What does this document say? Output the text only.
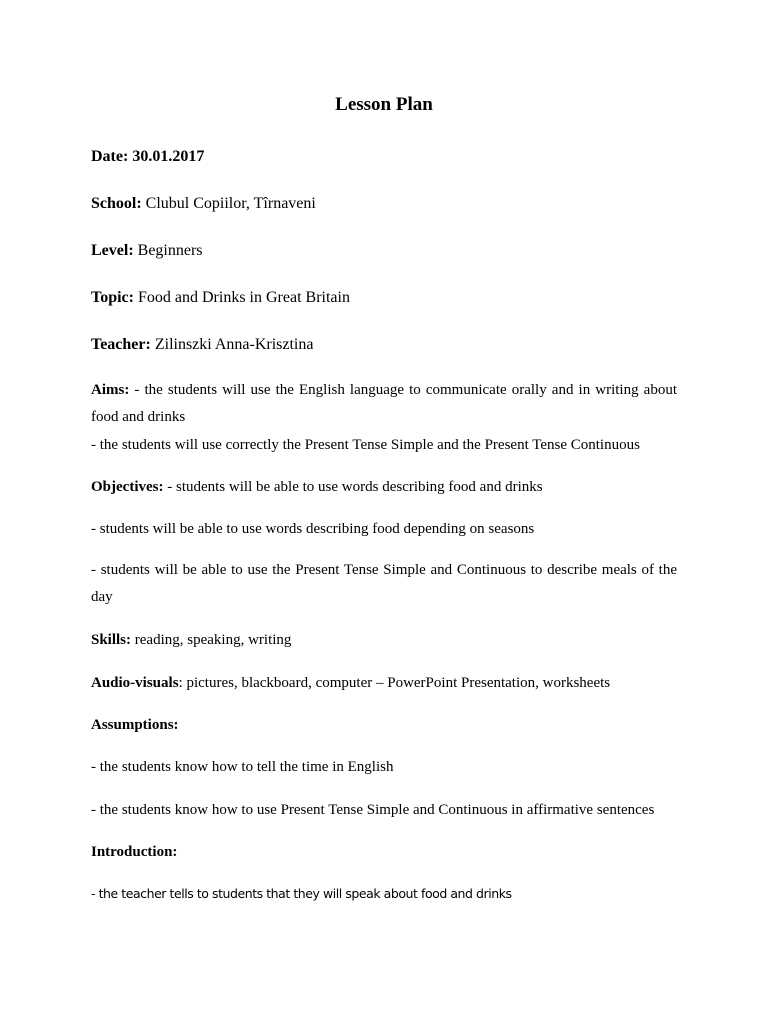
Lesson Plan
Date: 30.01.2017
School: Clubul Copiilor, Tîrnaveni
Level: Beginners
Topic: Food and Drinks in Great Britain
Teacher: Zilinszki Anna-Krisztina
Aims: - the students will use the English language to communicate orally and in writing about food and drinks
- the students will use correctly the Present Tense Simple and the Present Tense Continuous
Objectives: - students will be able to use words describing food and drinks
- students will be able to use words describing food depending on seasons
- students will be able to use the Present Tense Simple and Continuous to describe meals of the day
Skills: reading, speaking, writing
Audio-visuals: pictures, blackboard, computer – PowerPoint Presentation, worksheets
Assumptions:
- the students know how to tell the time in English
- the students know how to use Present Tense Simple and Continuous in affirmative sentences
Introduction:
- the teacher tells to students that they will speak about food and drinks
